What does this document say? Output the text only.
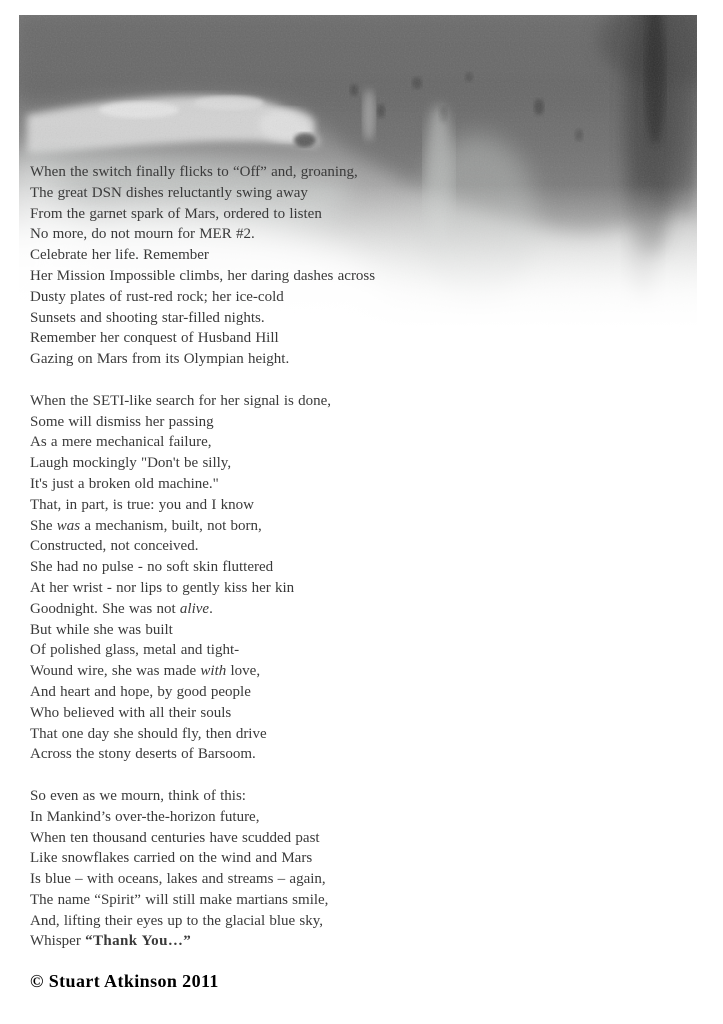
When the switch finally flicks to “Off” and, groaning,
The great DSN dishes reluctantly swing away
From the garnet spark of Mars, ordered to listen
No more, do not mourn for MER #2.
Celebrate her life. Remember
Her Mission Impossible climbs, her daring dashes across
Dusty plates of rust-red rock; her ice-cold
Sunsets and shooting star-filled nights.
Remember her conquest of Husband Hill
Gazing on Mars from its Olympian height.
When the SETI-like search for her signal is done,
Some will dismiss her passing
As a mere mechanical failure,
Laugh mockingly "Don't be silly,
It's just a broken old machine."
That, in part, is true: you and I know
She was a mechanism, built, not born,
Constructed, not conceived.
She had no pulse - no soft skin fluttered
At her wrist - nor lips to gently kiss her kin
Goodnight. She was not alive.
But while she was built
Of polished glass, metal and tight-
Wound wire, she was made with love,
And heart and hope, by good people
Who believed with all their souls
That one day she should fly, then drive
Across the stony deserts of Barsoom.
So even as we mourn, think of this:
In Mankind’s over-the-horizon future,
When ten thousand centuries have scudded past
Like snowflakes carried on the wind and Mars
Is blue – with oceans, lakes and streams – again,
The name “Spirit” will still make martians smile,
And, lifting their eyes up to the glacial blue sky,
Whisper “Thank You…”
© Stuart Atkinson 2011
